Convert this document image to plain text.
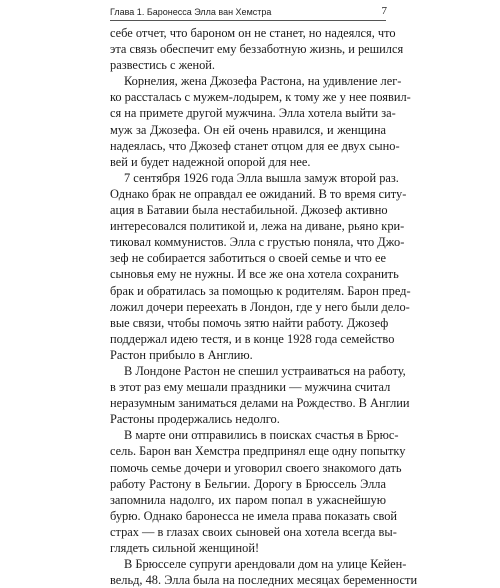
Глава 1. Баронесса Элла ван Хемстра	7
себе отчет, что бароном он не станет, но надеялся, что
эта связь обеспечит ему беззаботную жизнь, и решился
развестись с женой.
Корнелия, жена Джозефа Растона, на удивление лег-
ко рассталась с мужем-лодырем, к тому же у нее появил-
ся на примете другой мужчина. Элла хотела выйти за-
муж за Джозефа. Он ей очень нравился, и женщина
надеялась, что Джозеф станет отцом для ее двух сыно-
вей и будет надежной опорой для нее.
7 сентября 1926 года Элла вышла замуж второй раз.
Однако брак не оправдал ее ожиданий. В то время ситу-
ация в Батавии была нестабильной. Джозеф активно
интересовался политикой и, лежа на диване, рьяно кри-
тиковал коммунистов. Элла с грустью поняла, что Джо-
зеф не собирается заботиться о своей семье и что ее
сыновья ему не нужны. И все же она хотела сохранить
брак и обратилась за помощью к родителям. Барон пред-
ложил дочери переехать в Лондон, где у него были дело-
вые связи, чтобы помочь зятю найти работу. Джозеф
поддержал идею тестя, и в конце 1928 года семейство
Растон прибыло в Англию.
В Лондоне Растон не спешил устраиваться на работу,
в этот раз ему мешали праздники — мужчина считал
неразумным заниматься делами на Рождество. В Англии
Растоны продержались недолго.
В марте они отправились в поисках счастья в Брюс-
сель. Барон ван Хемстра предпринял еще одну попытку
помочь семье дочери и уговорил своего знакомого дать
работу Растону в Бельгии. Дорогу в Брюссель Элла
запомнила надолго, их паром попал в ужаснейшую
бурю. Однако баронесса не имела права показать свой
страх — в глазах своих сыновей она хотела всегда вы-
глядеть сильной женщиной!
В Брюсселе супруги арендовали дом на улице Кейен-
вельд, 48. Элла была на последних месяцах беременности
